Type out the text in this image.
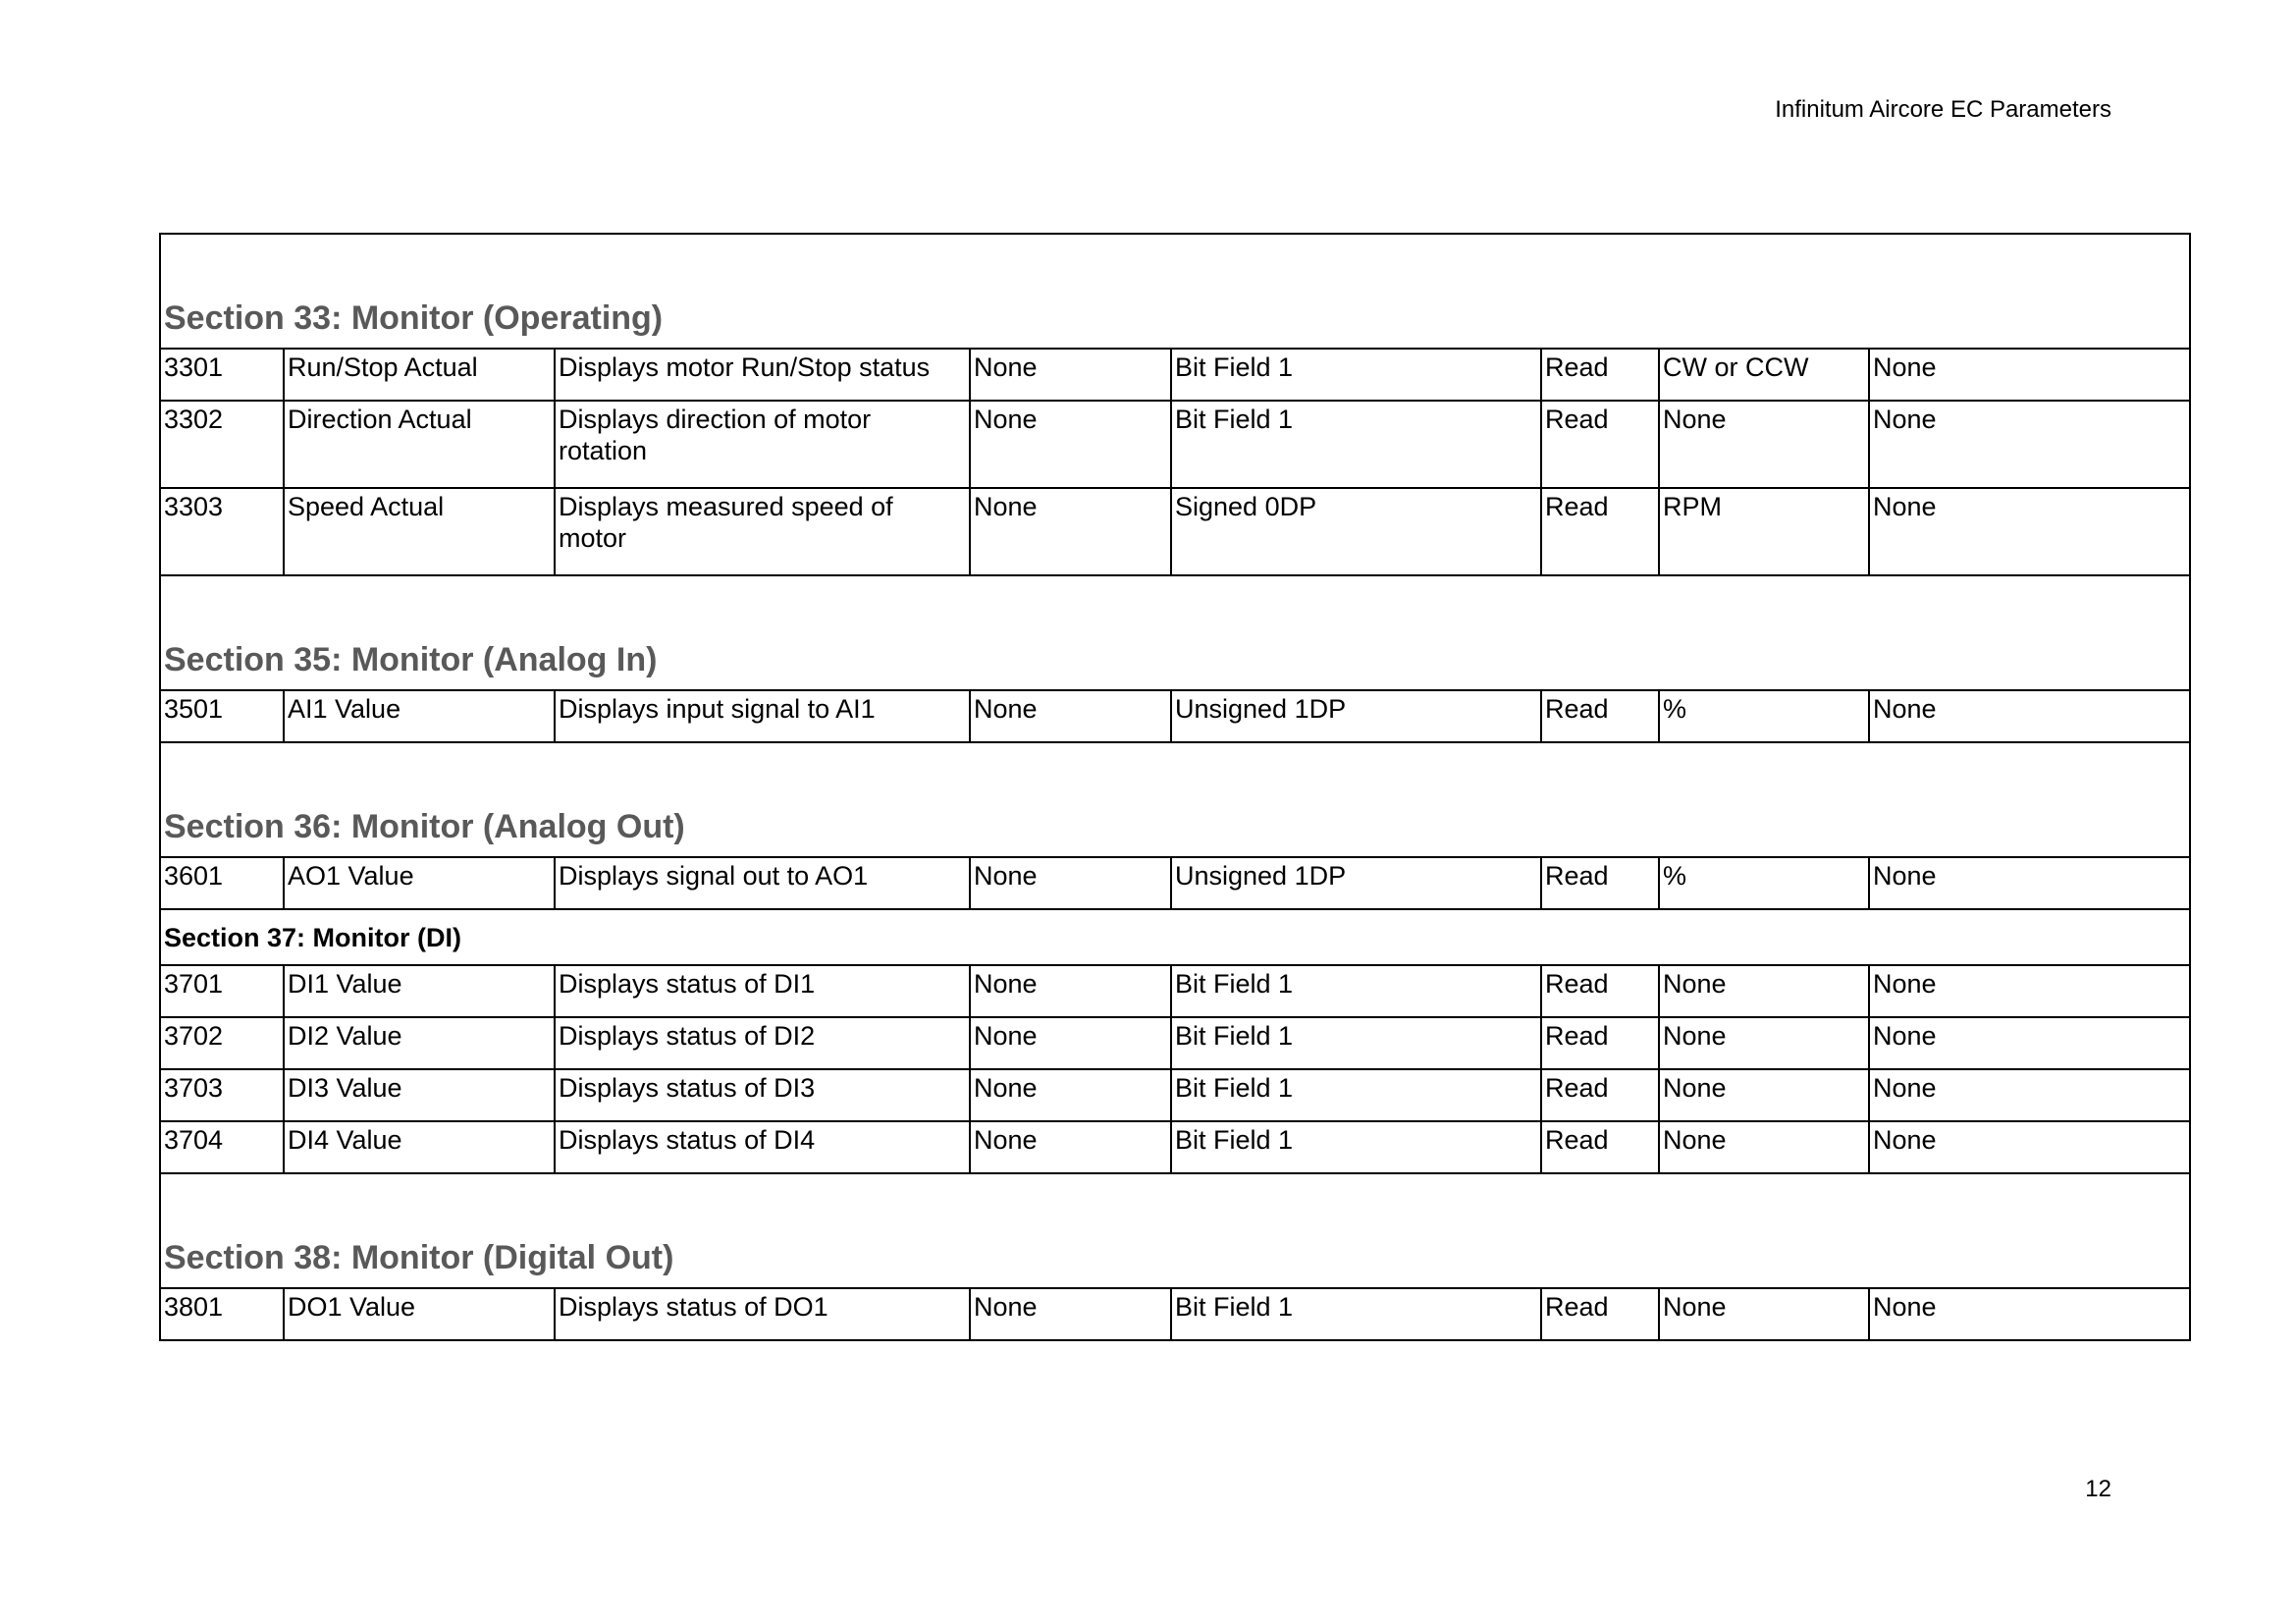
Infinitum Aircore EC Parameters
Section 33: Monitor (Operating)							
3301	Run/Stop Actual	Displays motor Run/Stop status	None	Bit Field 1	Read	CW or CCW	None
3302	Direction Actual	Displays direction of motor rotation	None	Bit Field 1	Read	None	None
3303	Speed Actual	Displays measured speed of motor	None	Signed 0DP	Read	RPM	None
Section 35: Monitor (Analog In)							
3501	AI1 Value	Displays input signal to AI1	None	Unsigned 1DP	Read	%	None
Section 36: Monitor (Analog Out)							
3601	AO1 Value	Displays signal out to AO1	None	Unsigned 1DP	Read	%	None
Section 37: Monitor (DI)							
3701	DI1 Value	Displays status of DI1	None	Bit Field 1	Read	None	None
3702	DI2 Value	Displays status of DI2	None	Bit Field 1	Read	None	None
3703	DI3 Value	Displays status of DI3	None	Bit Field 1	Read	None	None
3704	DI4 Value	Displays status of DI4	None	Bit Field 1	Read	None	None
Section 38: Monitor (Digital Out)							
3801	DO1 Value	Displays status of DO1	None	Bit Field 1	Read	None	None
12
